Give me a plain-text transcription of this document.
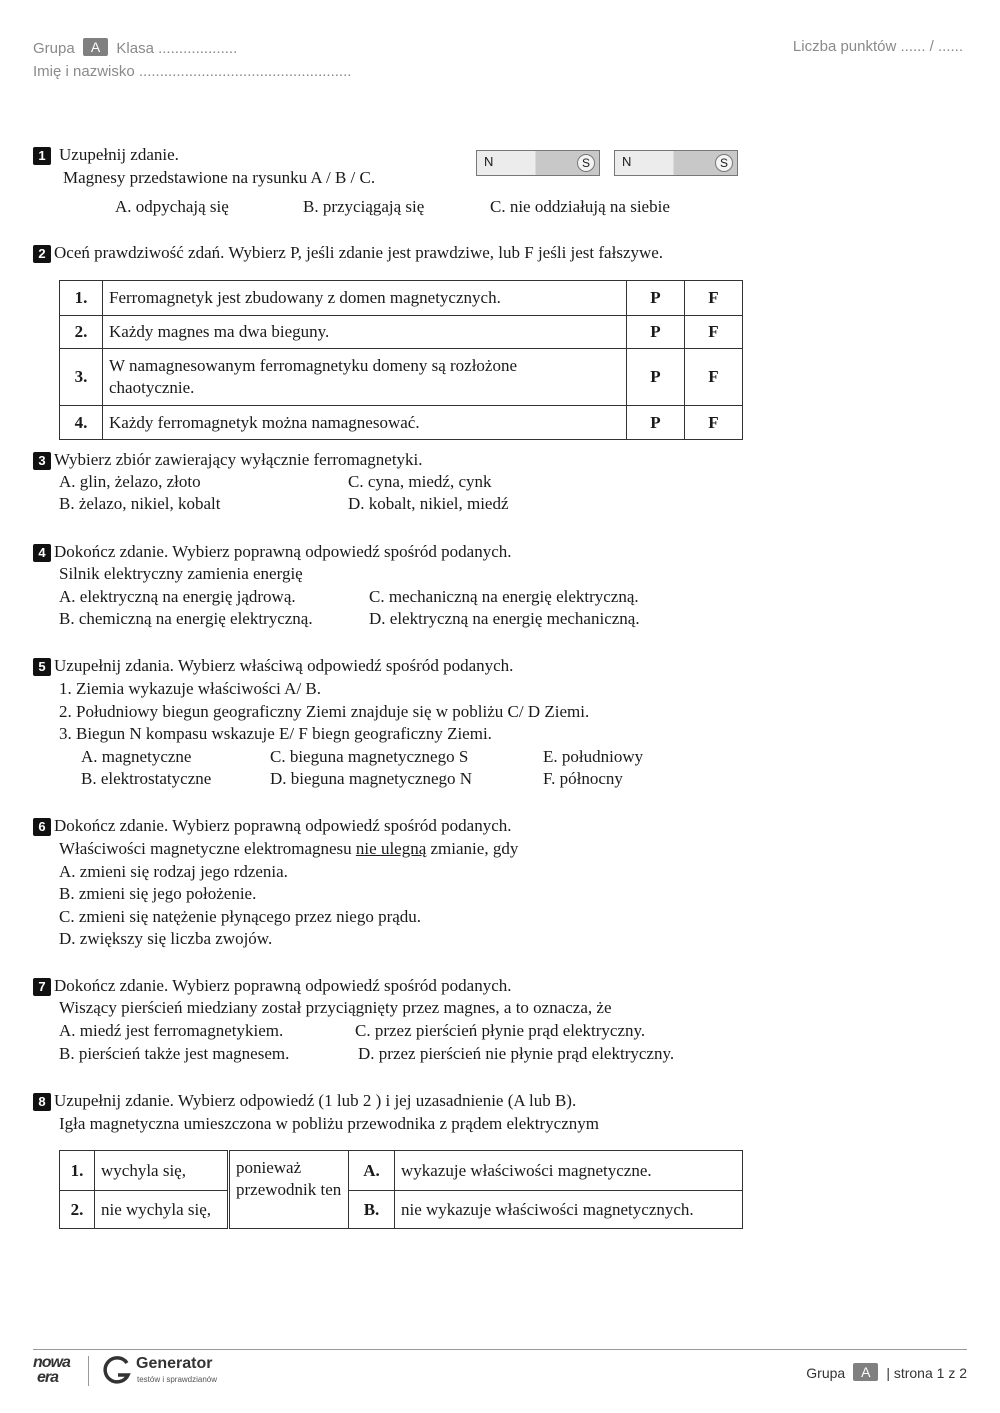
Grupa A Klasa ...................
Imię i nazwisko ...................................................
Liczba punktów ...... / ......
1 Uzupełnij zdanie.
Magnesy przedstawione na rysunku A / B / C.
N	S	N	S
A. odpychają się	B. przyciągają się	C. nie oddziałują na siebie
2 Oceń prawdziwość zdań. Wybierz P, jeśli zdanie jest prawdziwe, lub F jeśli jest fałszywe.
1.	Ferromagnetyk jest zbudowany z domen magnetycznych.	P	F
2.	Każdy magnes ma dwa bieguny.	P	F
3.	W namagnesowanym ferromagnetyku domeny są rozłożone chaotycznie.	P	F
4.	Każdy ferromagnetyk można namagnesować.	P	F
3 Wybierz zbiór zawierający wyłącznie ferromagnetyki.
A. glin, żelazo, złoto	C. cyna, miedź, cynk
B. żelazo, nikiel, kobalt	D. kobalt, nikiel, miedź
4 Dokończ zdanie. Wybierz poprawną odpowiedź spośród podanych.
Silnik elektryczny zamienia energię
A. elektryczną na energię jądrową.	C. mechaniczną na energię elektryczną.
B. chemiczną na energię elektryczną.	D. elektryczną na energię mechaniczną.
5 Uzupełnij zdania. Wybierz właściwą odpowiedź spośród podanych.
1. Ziemia wykazuje właściwości A/ B.
2. Południowy biegun geograficzny Ziemi znajduje się w pobliżu C/ D Ziemi.
3. Biegun N kompasu wskazuje E/ F biegn geograficzny Ziemi.
A. magnetyczne	C. bieguna magnetycznego S	E. południowy
B. elektrostatyczne	D. bieguna magnetycznego N	F. północny
6 Dokończ zdanie. Wybierz poprawną odpowiedź spośród podanych.
Właściwości magnetyczne elektromagnesu nie ulegną zmianie, gdy
A. zmieni się rodzaj jego rdzenia.
B. zmieni się jego położenie.
C. zmieni się natężenie płynącego przez niego prądu.
D. zwiększy się liczba zwojów.
7 Dokończ zdanie. Wybierz poprawną odpowiedź spośród podanych.
Wiszący pierścień miedziany został przyciągnięty przez magnes, a to oznacza, że
A. miedź jest ferromagnetykiem.	C. przez pierścień płynie prąd elektryczny.
B. pierścień także jest magnesem.	D. przez pierścień nie płynie prąd elektryczny.
8 Uzupełnij zdanie. Wybierz odpowiedź (1 lub 2 ) i jej uzasadnienie (A lub B).
Igła magnetyczna umieszczona w pobliżu przewodnika z prądem elektrycznym
1.	wychyla się,	ponieważ przewodnik ten	A.	wykazuje właściwości magnetyczne.
2.	nie wychyla się,		B.	nie wykazuje właściwości magnetycznych.
nowa
era
Generator
testów i sprawdzianów	Grupa A | strona 1 z 2
